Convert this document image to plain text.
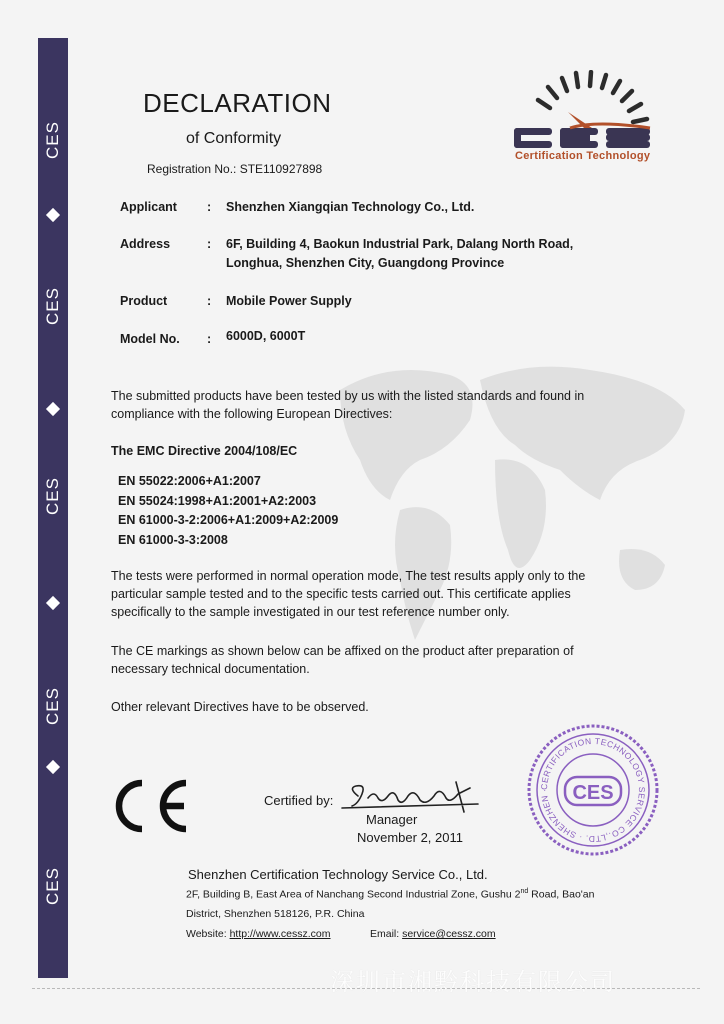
CES
CES
CES
CES
CES
DECLARATION
of Conformity
Registration No.: STE110927898
Certification Technology
Applicant : Shenzhen Xiangqian Technology Co., Ltd.
Address	: 6F, Building 4, Baokun Industrial Park, Dalang North Road,
Longhua, Shenzhen City, Guangdong Province
Product	: Mobile Power Supply
Model No. : 6000D, 6000T
The submitted products have been tested by us with the listed standards and found in compliance with the following European Directives:
The EMC Directive 2004/108/EC
EN 55022:2006+A1:2007
EN 55024:1998+A1:2001+A2:2003
EN 61000-3-2:2006+A1:2009+A2:2009
EN 61000-3-3:2008
The tests were performed in normal operation mode, The test results apply only to the particular sample tested and to the specific tests carried out. This certificate applies specifically to the sample investigated in our test reference number only.
The CE markings as shown below can be affixed on the product after preparation of necessary technical documentation.
Other relevant Directives have to be observed.
Certified by:
Manager
November 2, 2011
CERTIFICATION TECHNOLOGY SERVICE CO.,LTD. · SHENZHEN ·	CES
Shenzhen Certification Technology Service Co., Ltd.
2F, Building B, East Area of Nanchang Second Industrial Zone, Gushu 2nd Road, Bao'an
District, Shenzhen 518126, P.R. China
Website: http://www.cessz.com	Email: service@cessz.com
深圳市湘黔科技有限公司
